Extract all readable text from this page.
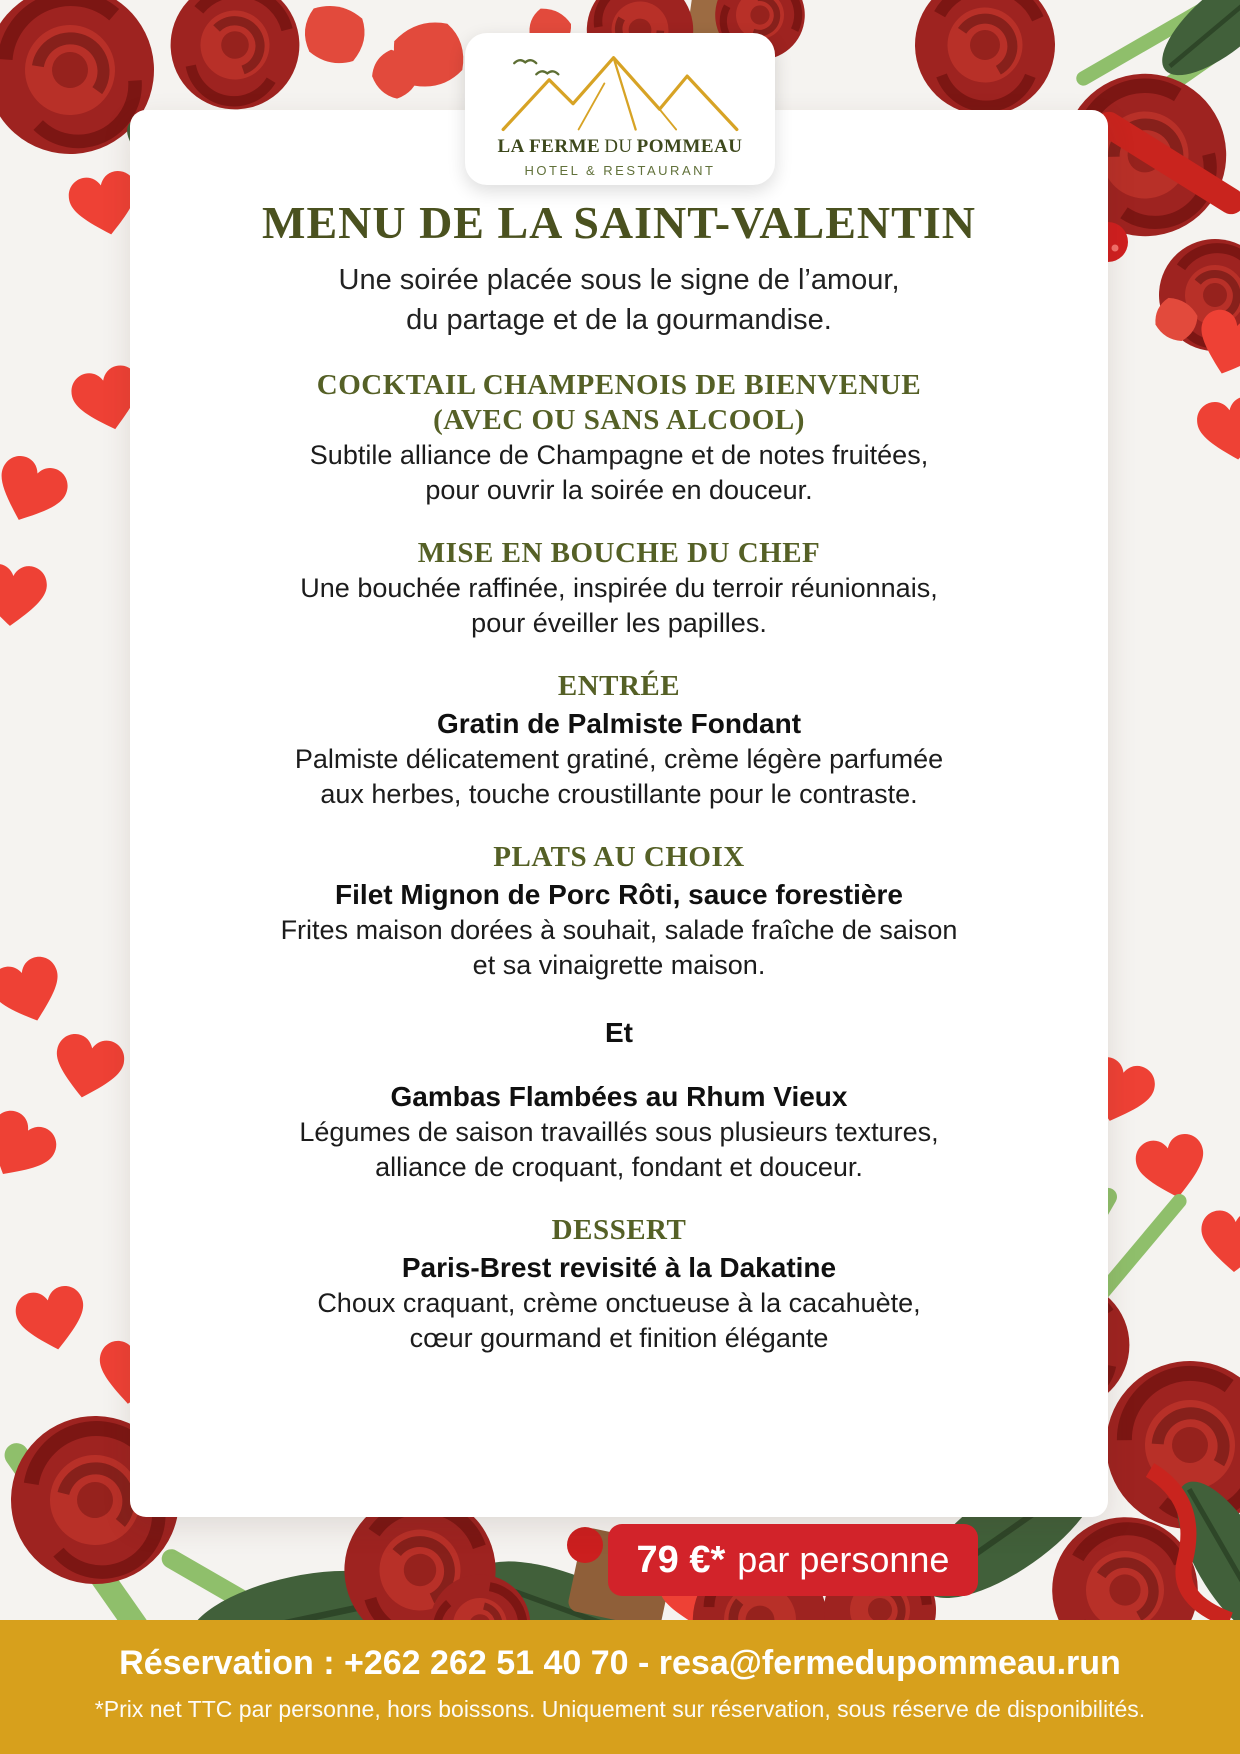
MENU DE LA SAINT-VALENTIN
Une soirée placée sous le signe de l’amour,
du partage et de la gourmandise.
COCKTAIL CHAMPENOIS DE BIENVENUE
(AVEC OU SANS ALCOOL)
Subtile alliance de Champagne et de notes fruitées,
pour ouvrir la soirée en douceur.
MISE EN BOUCHE DU CHEF
Une bouchée raffinée, inspirée du terroir réunionnais,
pour éveiller les papilles.
ENTRÉE
Gratin de Palmiste Fondant
Palmiste délicatement gratiné, crème légère parfumée
aux herbes, touche croustillante pour le contraste.
PLATS AU CHOIX
Filet Mignon de Porc Rôti, sauce forestière
Frites maison dorées à souhait, salade fraîche de saison
et sa vinaigrette maison.
Et
Gambas Flambées au Rhum Vieux
Légumes de saison travaillés sous plusieurs textures,
alliance de croquant, fondant et douceur.
DESSERT
Paris-Brest revisité à la Dakatine
Choux craquant, crème onctueuse à la cacahuète,
cœur gourmand et finition élégante
LA FERME DU POMMEAU
HOTEL & RESTAURANT
79 €* par personne
Réservation : +262 262 51 40 70 - resa@fermedupommeau.run
*Prix net TTC par personne, hors boissons. Uniquement sur réservation, sous réserve de disponibilités.
